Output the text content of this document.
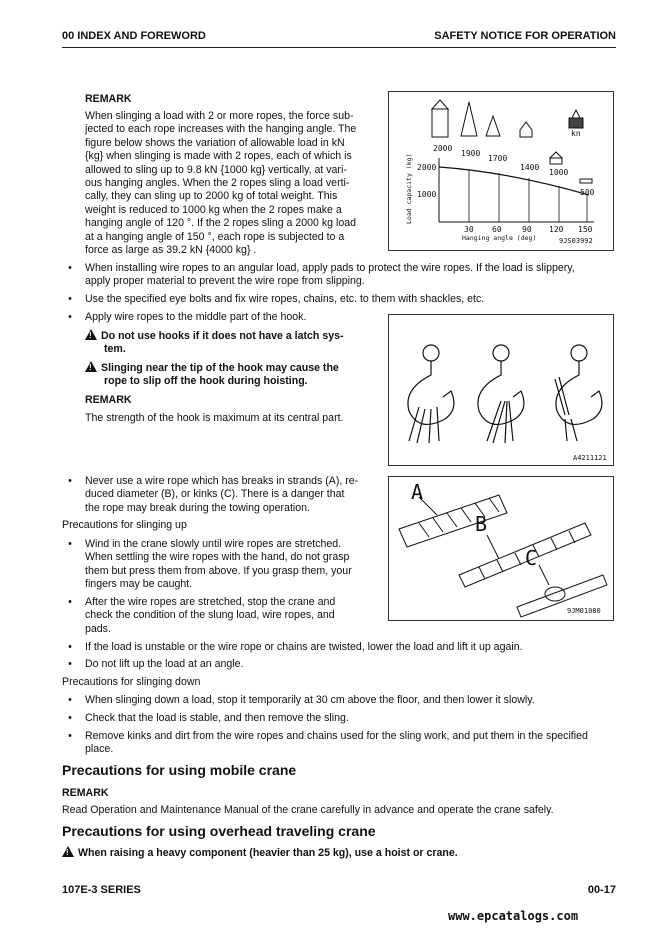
00 INDEX AND FOREWORD	SAFETY NOTICE FOR OPERATION
REMARK
When slinging a load with 2 or more ropes, the force sub-
jected to each rope increases with the hanging angle. The
figure below shows the variation of allowable load in kN
{kg} when slinging is made with 2 ropes, each of which is
allowed to sling up to 9.8 kN {1000 kg} vertically, at vari-
ous hanging angles. When the 2 ropes sling a load verti-
cally, they can sling up to 2000 kg of total weight. This
weight is reduced to 1000 kg when the 2 ropes make a
hanging angle of 120 °. If the 2 ropes sling a 2000 kg load
at a hanging angle of 150 °, each rope is subjected to a
force as large as 39.2 kN {4000 kg} .
2000
1900
1700
1400
1000
500
kn
2000
1000
30 60	90 120 150
Hanging angle (deg)	9JS03992
Load capacity (kg)
• When installing wire ropes to an angular load, apply pads to protect the wire ropes. If the load is slippery,
apply proper material to prevent the wire rope from slipping.
• Use the specified eye bolts and fix wire ropes, chains, etc. to them with shackles, etc.
• Apply wire ropes to the middle part of the hook.
!Do not use hooks if it does not have a latch sys-
tem.
!Slinging near the tip of the hook may cause the
rope to slip off the hook during hoisting.
REMARK
The strength of the hook is maximum at its central part.
A4211121
• Never use a wire rope which has breaks in strands (A), re-
duced diameter (B), or kinks (C). There is a danger that
the rope may break during the towing operation.
A
B
C
9JM01080
Precautions for slinging up
• Wind in the crane slowly until wire ropes are stretched.
When settling the wire ropes with the hand, do not grasp
them but press them from above. If you grasp them, your
fingers may be caught.
• After the wire ropes are stretched, stop the crane and
check the condition of the slung load, wire ropes, and
pads.
• If the load is unstable or the wire rope or chains are twisted, lower the load and lift it up again.
• Do not lift up the load at an angle.
Precautions for slinging down
• When slinging down a load, stop it temporarily at 30 cm above the floor, and then lower it slowly.
• Check that the load is stable, and then remove the sling.
• Remove kinks and dirt from the wire ropes and chains used for the sling work, and put them in the specified
place.
Precautions for using mobile crane
REMARK
Read Operation and Maintenance Manual of the crane carefully in advance and operate the crane safely.
Precautions for using overhead traveling crane
!When raising a heavy component (heavier than 25 kg), use a hoist or crane.
107E-3 SERIES	00-17
www.epcatalogs.com
